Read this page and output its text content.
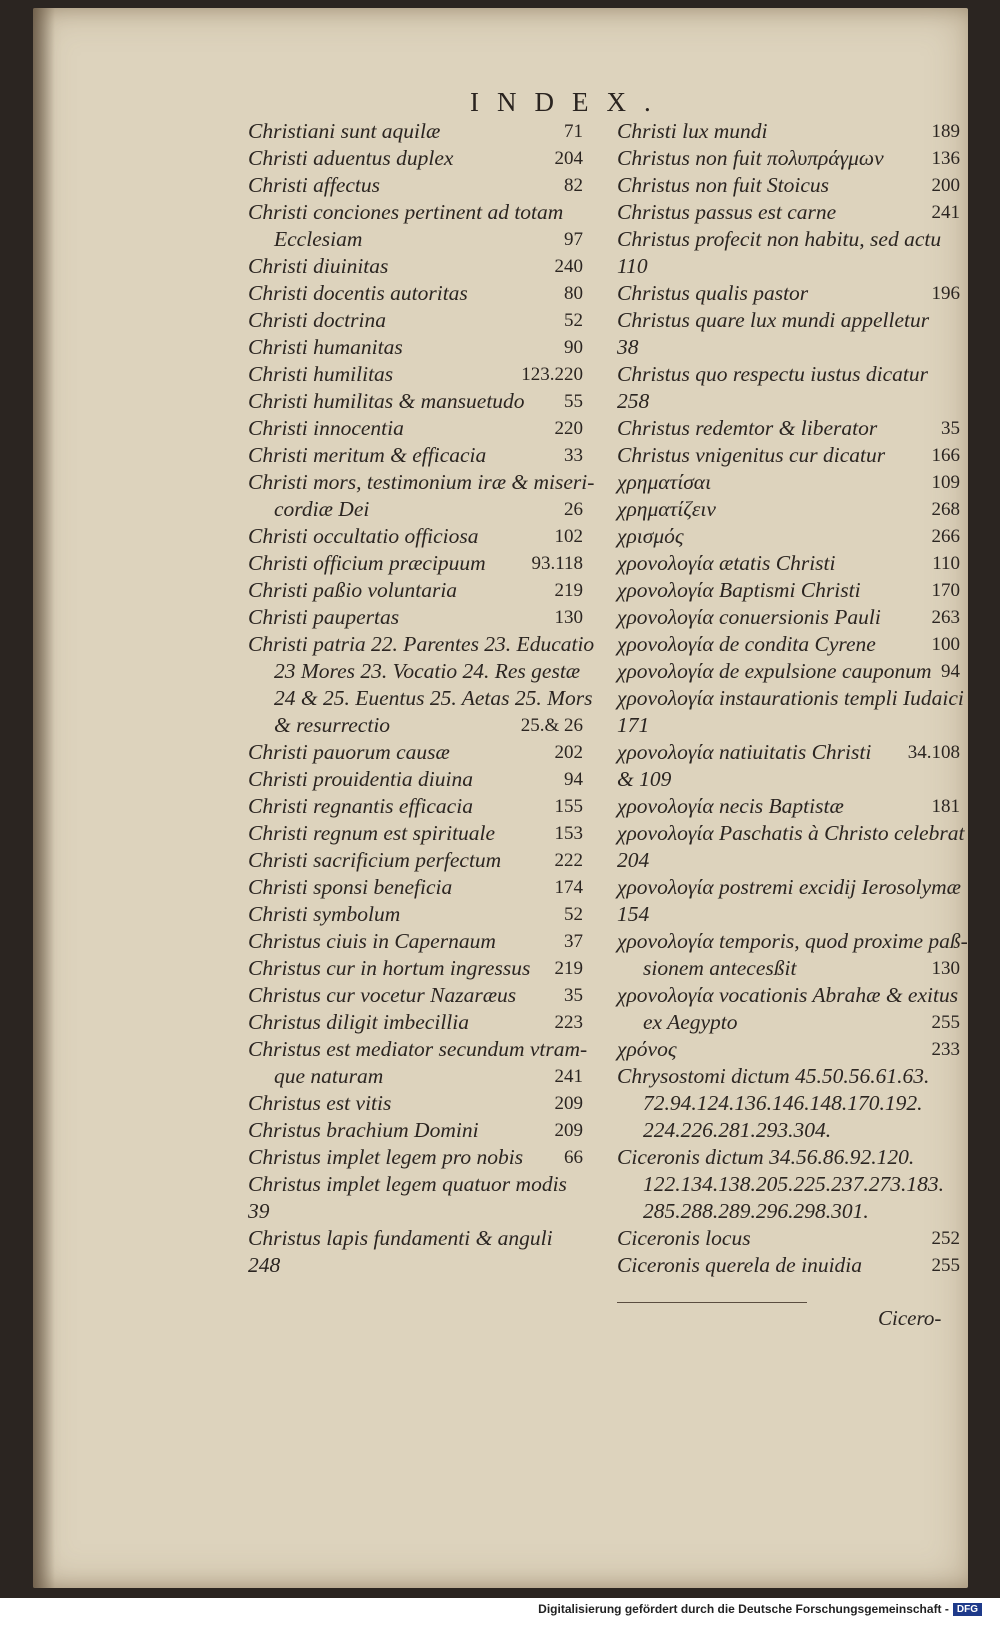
INDEX.
Christiani sunt aquilæ	71
Christi aduentus duplex	204
Christi affectus	82
Christi conciones pertinent ad totam
Ecclesiam	97
Christi diuinitas	240
Christi docentis autoritas	80
Christi doctrina	52
Christi humanitas	90
Christi humilitas	123.220
Christi humilitas & mansuetudo	55
Christi innocentia	220
Christi meritum & efficacia	33
Christi mors, testimonium iræ & miseri-
cordiæ Dei	26
Christi occultatio officiosa	102
Christi officium præcipuum	93.118
Christi paßio voluntaria	219
Christi paupertas	130
Christi patria 22. Parentes 23. Educatio
23 Mores 23. Vocatio 24. Res gestæ
24 & 25. Euentus 25. Aetas 25. Mors
& resurrectio	25.& 26
Christi pauorum causæ	202
Christi prouidentia diuina	94
Christi regnantis efficacia	155
Christi regnum est spirituale	153
Christi sacrificium perfectum	222
Christi sponsi beneficia	174
Christi symbolum	52
Christus ciuis in Capernaum	37
Christus cur in hortum ingressus	219
Christus cur vocetur Nazaræus	35
Christus diligit imbecillia	223
Christus est mediator secundum vtram-
que naturam	241
Christus est vitis	209
Christus brachium Domini	209
Christus implet legem pro nobis	66
Christus implet legem quatuor modis
39
Christus lapis fundamenti & anguli
248
Christi lux mundi	189
Christus non fuit πολυπράγμων	136
Christus non fuit Stoicus	200
Christus passus est carne	241
Christus profecit non habitu, sed actu
110
Christus qualis pastor	196
Christus quare lux mundi appelletur
38
Christus quo respectu iustus dicatur
258
Christus redemtor & liberator	35
Christus vnigenitus cur dicatur	166
χρηματίσαι	109
χρηματίζειν	268
χρισμός	266
χρονολογία ætatis Christi	110
χρονολογία Baptismi Christi	170
χρονολογία conuersionis Pauli	263
χρονολογία de condita Cyrene	100
χρονολογία de expulsione cauponum 94
χρονολογία instaurationis templi Iudaici
171
χρονολογία natiuitatis Christi	34.108
& 109
χρονολογία necis Baptistæ	181
χρονολογία Paschatis à Christo celebrat
204
χρονολογία postremi excidij Ierosolymæ
154
χρονολογία temporis, quod proxime paß-
sionem antecesßit	130
χρονολογία vocationis Abrahæ & exitus
ex Aegypto	255
χρόνος	233
Chrysostomi dictum 45.50.56.61.63.
72.94.124.136.146.148.170.192.
224.226.281.293.304.
Ciceronis dictum 34.56.86.92.120.
122.134.138.205.225.237.273.183.
285.288.289.296.298.301.
Ciceronis locus	252
Ciceronis querela de inuidia	255
Cicero-
Digitalisierung gefördert durch die Deutsche Forschungsgemeinschaft - DFG
